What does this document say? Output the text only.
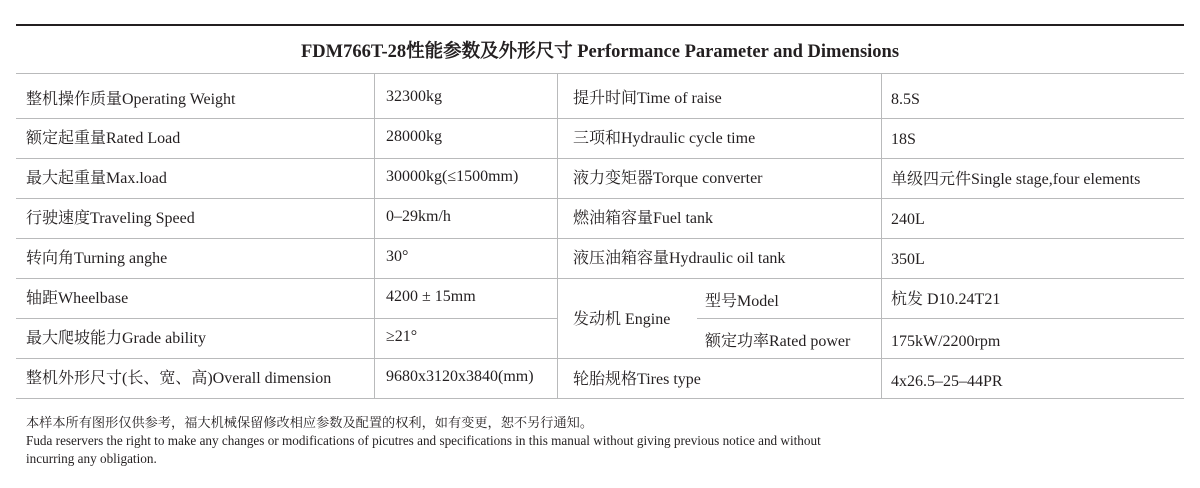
FDM766T-28性能参数及外形尺寸 Performance Parameter and Dimensions
整机操作质量Operating Weight
额定起重量Rated Load
最大起重量Max.load
行驶速度Traveling Speed
转向角Turning anghe
轴距Wheelbase
最大爬坡能力Grade ability
整机外形尺寸(长、宽、高)Overall dimension
32300kg
28000kg
30000kg(≤1500mm)
0–29km/h
30°
4200 ± 15mm
≥21°
9680x3120x3840(mm)
提升时间Time of raise
三项和Hydraulic cycle time
液力变矩器Torque converter
燃油箱容量Fuel tank
液压油箱容量Hydraulic oil tank
发动机 Engine
型号Model
额定功率Rated power
轮胎规格Tires type
8.5S
18S
单级四元件Single stage,four elements
240L
350L
杭发 D10.24T21
175kW/2200rpm
4x26.5–25–44PR
本样本所有图形仅供参考，福大机械保留修改相应参数及配置的权利，如有变更，恕不另行通知。
Fuda reservers the right to make any changes or modifications of picutres and specifications in this manual without giving previous notice and without
incurring any obligation.
